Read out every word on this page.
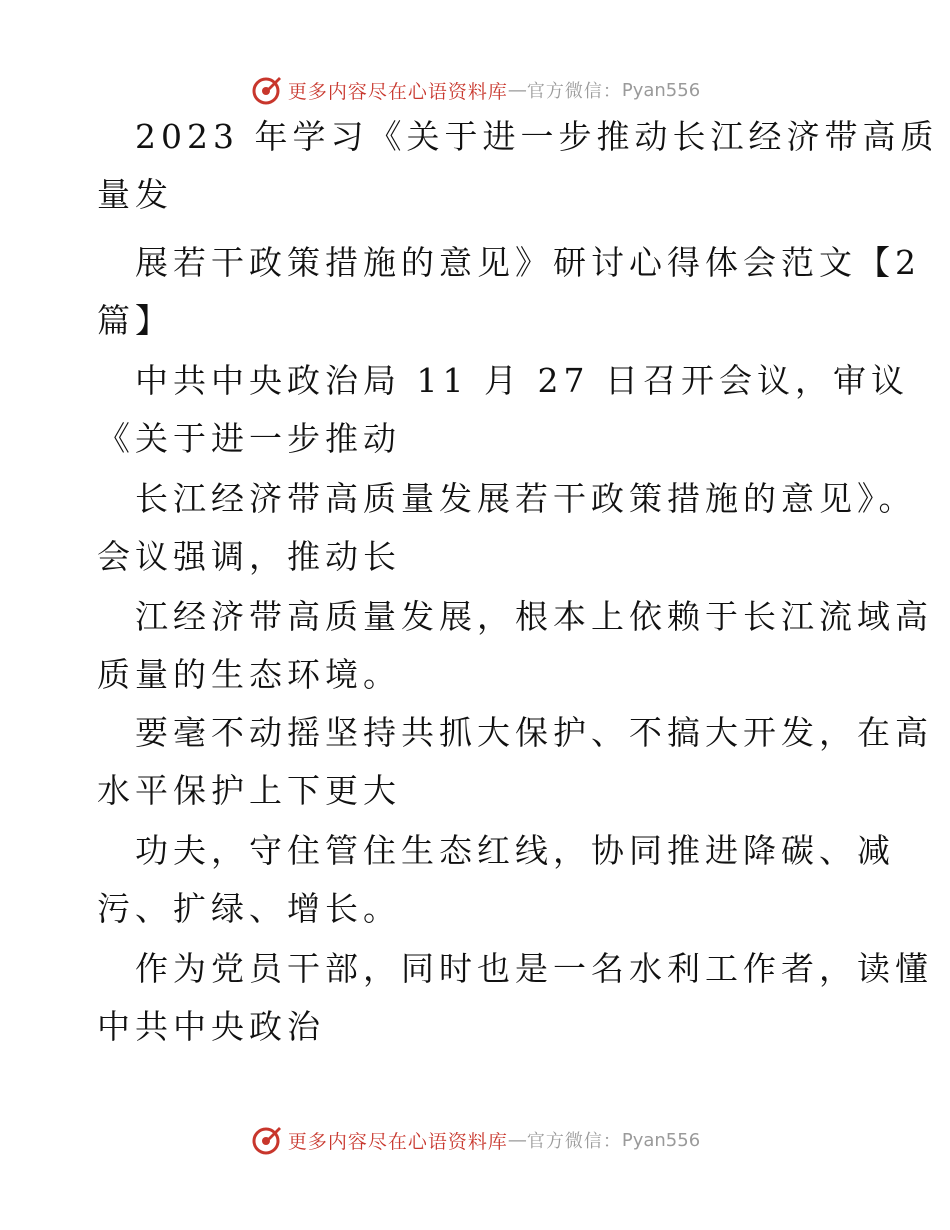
更多内容尽在心语资料库 — 官方微信： Pyan556
2023 年学习《关于进一步推动长江经济带高质
量发
展若干政策措施的意见》研讨心得体会范文【2
篇】
中共中央政治局 11 月 27 日召开会议，审议
《关于进一步推动
长江经济带高质量发展若干政策措施的意见》。
会议强调，推动长
江经济带高质量发展，根本上依赖于长江流域高
质量的生态环境。
要毫不动摇坚持共抓大保护、不搞大开发，在高
水平保护上下更大
功夫，守住管住生态红线，协同推进降碳、减
污、扩绿、增长。
作为党员干部，同时也是一名水利工作者，读懂
中共中央政治
更多内容尽在心语资料库 — 官方微信： Pyan556
